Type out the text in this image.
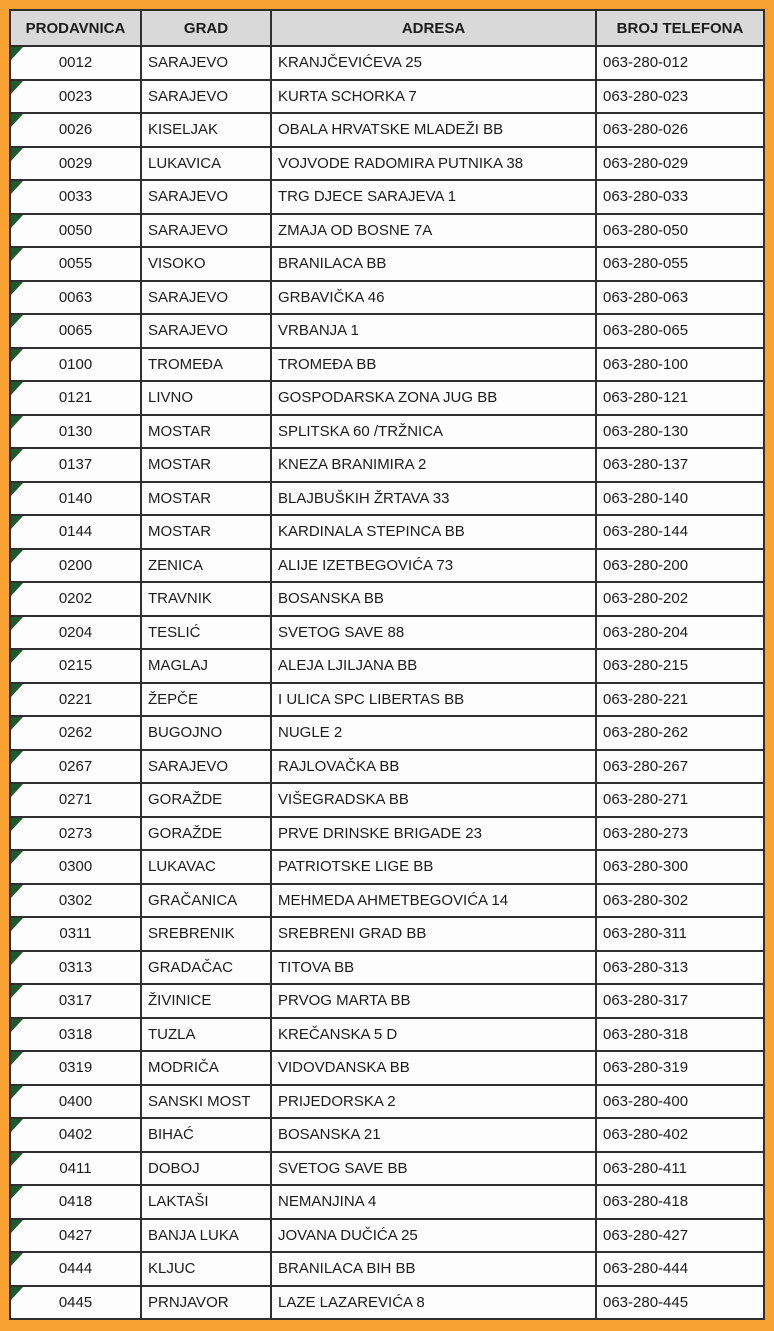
PRODAVNICA	GRAD	ADRESA	BROJ TELEFONA

0012	SARAJEVO	KRANJČEVIĆEVA 25	063-280-012

0023	SARAJEVO	KURTA SCHORKA 7	063-280-023

0026	KISELJAK	OBALA HRVATSKE MLADEŽI BB	063-280-026

0029	LUKAVICA	VOJVODE RADOMIRA PUTNIKA 38	063-280-029

0033	SARAJEVO	TRG DJECE SARAJEVA 1	063-280-033

0050	SARAJEVO	ZMAJA OD BOSNE 7A	063-280-050

0055	VISOKO	BRANILACA BB	063-280-055

0063	SARAJEVO	GRBAVIČKA 46	063-280-063

0065	SARAJEVO	VRBANJA 1	063-280-065

0100	TROMEĐA	TROMEĐA BB	063-280-100

0121	LIVNO	GOSPODARSKA ZONA JUG BB	063-280-121

0130	MOSTAR	SPLITSKA 60 /TRŽNICA	063-280-130

0137	MOSTAR	KNEZA BRANIMIRA 2	063-280-137

0140	MOSTAR	BLAJBUŠKIH ŽRTAVA 33	063-280-140

0144	MOSTAR	KARDINALA STEPINCA BB	063-280-144

0200	ZENICA	ALIJE IZETBEGOVIĆA 73	063-280-200

0202	TRAVNIK	BOSANSKA BB	063-280-202

0204	TESLIĆ	SVETOG SAVE 88	063-280-204

0215	MAGLAJ	ALEJA LJILJANA BB	063-280-215

0221	ŽEPČE	I ULICA SPC LIBERTAS BB	063-280-221

0262	BUGOJNO	NUGLE 2	063-280-262

0267	SARAJEVO	RAJLOVAČKA BB	063-280-267

0271	GORAŽDE	VIŠEGRADSKA BB	063-280-271

0273	GORAŽDE	PRVE DRINSKE BRIGADE 23	063-280-273

0300	LUKAVAC	PATRIOTSKE LIGE BB	063-280-300

0302	GRAČANICA	MEHMEDA AHMETBEGOVIĆA 14	063-280-302

0311	SREBRENIK	SREBRENI GRAD BB	063-280-311

0313	GRADAČAC	TITOVA BB	063-280-313

0317	ŽIVINICE	PRVOG MARTA BB	063-280-317

0318	TUZLA	KREČANSKA 5 D	063-280-318

0319	MODRIČA	VIDOVDANSKA BB	063-280-319

0400	SANSKI MOST	PRIJEDORSKA 2	063-280-400

0402	BIHAĆ	BOSANSKA 21	063-280-402

0411	DOBOJ	SVETOG SAVE BB	063-280-411

0418	LAKTAŠI	NEMANJINA 4	063-280-418

0427	BANJA LUKA	JOVANA DUČIĆA 25	063-280-427

0444	KLJUC	BRANILACA BIH BB	063-280-444

0445	PRNJAVOR	LAZE LAZAREVIĆA 8	063-280-445
